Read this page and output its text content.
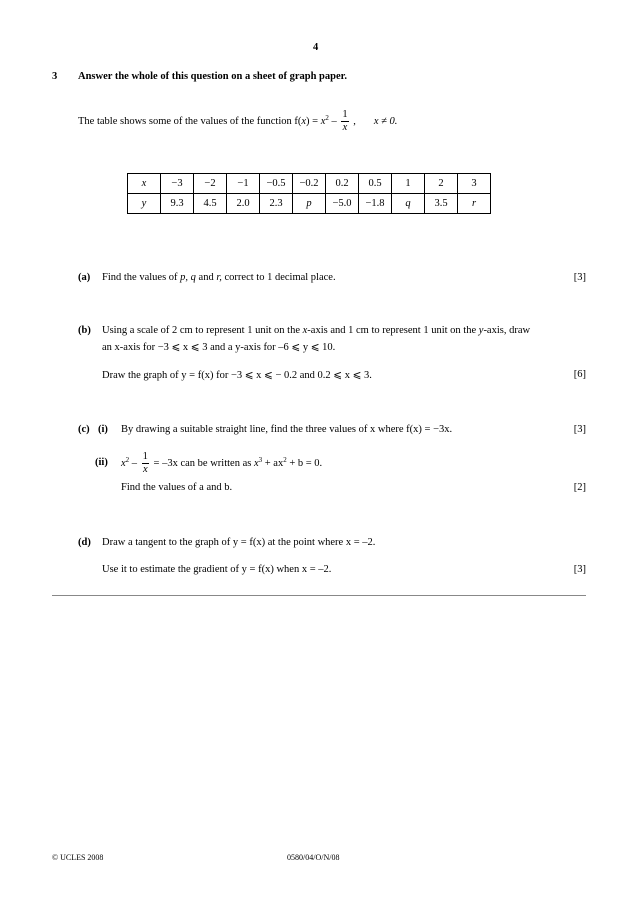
4
3 Answer the whole of this question on a sheet of graph paper.
The table shows some of the values of the function $f(x) = x^2 - \frac{1}{x}$ , x ≠ 0.
x	−3	−2	−1	−0.5	−0.2	0.2	0.5	1	2	3
y	9.3	4.5	2.0	2.3	p	−5.0	−1.8	q	3.5	r
(a) Find the values of p, q and r, correct to 1 decimal place.	[3]
(b) Using a scale of 2 cm to represent 1 unit on the x-axis and 1 cm to represent 1 unit on the y-axis, draw
an x-axis for −3 ⩽ x ⩽ 3 and a y-axis for –6 ⩽ y ⩽ 10.
Draw the graph of y = f(x) for −3 ⩽ x ⩽ − 0.2 and 0.2 ⩽ x ⩽ 3.	[6]
(c) (i) By drawing a suitable straight line, find the three values of x where f(x) = −3x.	[3]
(ii) $x^2 - \frac{1}{x} = -3x$ can be written as $x^3 + ax^2 + b = 0$.
Find the values of a and b.	[2]
(d) Draw a tangent to the graph of y = f(x) at the point where x = –2.
Use it to estimate the gradient of y = f(x) when x = –2.	[3]
© UCLES 2008	0580/04/O/N/08
